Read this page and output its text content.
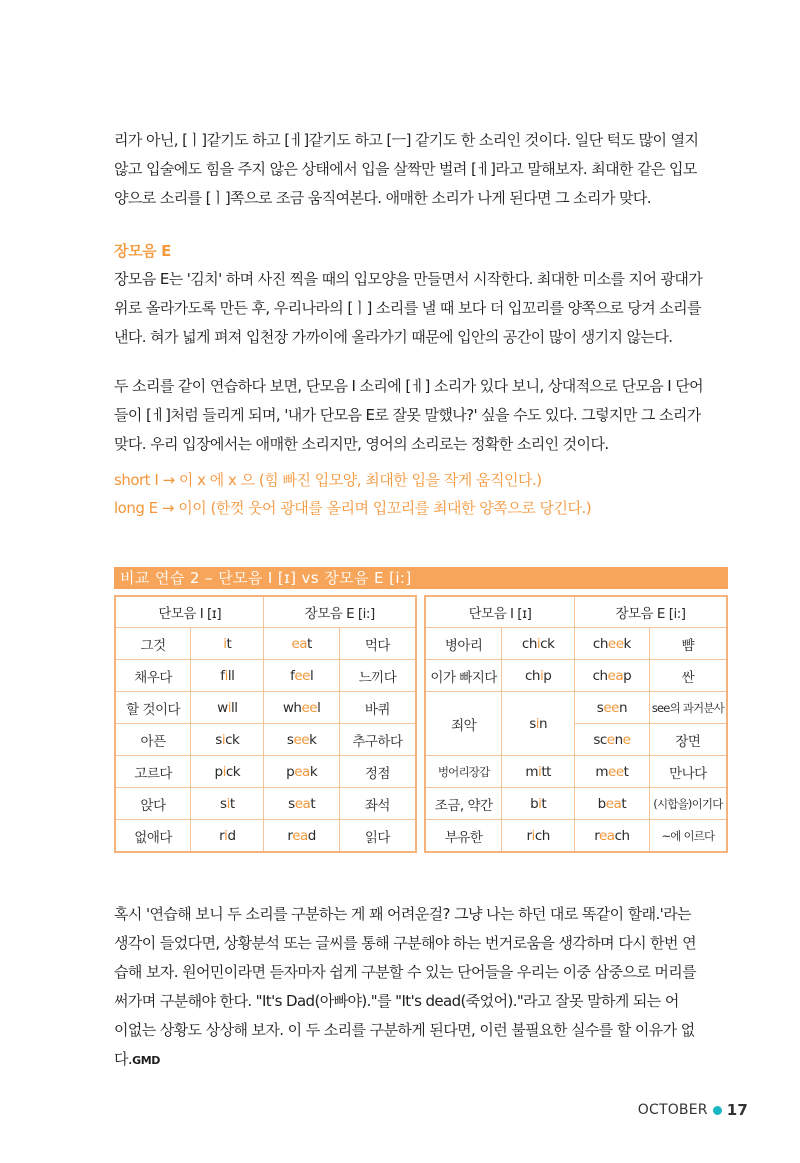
리가 아닌, [ㅣ]같기도 하고 [ㅔ]같기도 하고 [ㅡ] 같기도 한 소리인 것이다. 일단 턱도 많이 열지
않고 입술에도 힘을 주지 않은 상태에서 입을 살짝만 벌려 [ㅔ]라고 말해보자. 최대한 같은 입모
양으로 소리를 [ㅣ]쪽으로 조금 움직여본다. 애매한 소리가 나게 된다면 그 소리가 맞다.

장모음 E

장모음 E는 '김치' 하며 사진 찍을 때의 입모양을 만들면서 시작한다. 최대한 미소를 지어 광대가
위로 올라가도록 만든 후, 우리나라의 [ㅣ] 소리를 낼 때 보다 더 입꼬리를 양쪽으로 당겨 소리를
낸다. 혀가 넓게 펴져 입천장 가까이에 올라가기 때문에 입안의 공간이 많이 생기지 않는다.

두 소리를 같이 연습하다 보면, 단모음 I 소리에 [ㅔ] 소리가 있다 보니, 상대적으로 단모음 I 단어
들이 [ㅔ]처럼 들리게 되며, '내가 단모음 E로 잘못 말했나?' 싶을 수도 있다. 그렇지만 그 소리가
맞다. 우리 입장에서는 애매한 소리지만, 영어의 소리로는 정확한 소리인 것이다.

short I → 이 x 에 x 으 (힘 빠진 입모양, 최대한 입을 작게 움직인다.)
long E → 이이 (한껏 웃어 광대를 올리며 입꼬리를 최대한 양쪽으로 당긴다.)
비교 연습 2 – 단모음 I [ɪ] vs 장모음 E [i:]
단모음 I [ɪ]		장모음 E [i:]	
그것	it	eat	먹다
채우다	fill	feel	느끼다
할 것이다	will	wheel	바퀴
아픈	sick	seek	추구하다
고르다	pick	peak	정점
앉다	sit	seat	좌석
없애다	rid	read	읽다
단모음 I [ɪ]		장모음 E [i:]	
병아리	chick	cheek	뺨
이가 빠지다	chip	cheap	싼
죄악	sin	seen	see의 과거분사
		scene	장면
벙어리장갑	mitt	meet	만나다
조금, 약간	bit	beat	(시합을)이기다
부유한	rich	reach	~에 이르다

혹시 '연습해 보니 두 소리를 구분하는 게 꽤 어려운걸? 그냥 나는 하던 대로 똑같이 할래.'라는
생각이 들었다면, 상황분석 또는 글씨를 통해 구분해야 하는 번거로움을 생각하며 다시 한번 연
습해 보자. 원어민이라면 듣자마자 쉽게 구분할 수 있는 단어들을 우리는 이중 삼중으로 머리를
써가며 구분해야 한다. "It's Dad(아빠야)."를 "It's dead(죽었어)."라고 잘못 말하게 되는 어
이없는 상황도 상상해 보자. 이 두 소리를 구분하게 된다면, 이런 불필요한 실수를 할 이유가 없
다.GMD

OCTOBER 17
